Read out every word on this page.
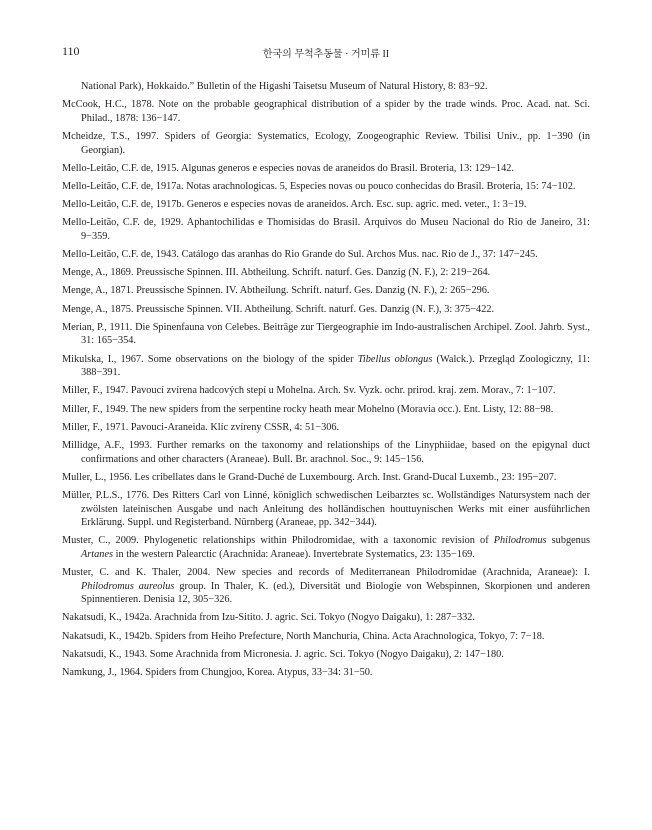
110	한국의 무척추동물 · 거미류 II

National Park), Hokkaido.” Bulletin of the Higashi Taisetsu Museum of Natural History, 8: 83−92.

McCook, H.C., 1878. Note on the probable geographical distribution of a spider by the trade winds. Proc. Acad. nat. Sci. Philad., 1878: 136−147.

Mcheidze, T.S., 1997. Spiders of Georgia: Systematics, Ecology, Zoogeographic Review. Tbilisi Univ., pp. 1−390 (in Georgian).

Mello-Leitão, C.F. de, 1915. Algunas generos e especies novas de araneidos do Brasil. Broteria, 13: 129−142.

Mello-Leitão, C.F. de, 1917a. Notas arachnologicas. 5, Especies novas ou pouco conhecidas do Brasil. Broteria, 15: 74−102.

Mello-Leitão, C.F. de, 1917b. Generos e especies novas de araneidos. Arch. Esc. sup. agric. med. veter., 1: 3−19.

Mello-Leitão, C.F. de, 1929. Aphantochilidas e Thomisidas do Brasil. Arquivos do Museu Nacional do Rio de Janeiro, 31: 9−359.

Mello-Leitão, C.F. de, 1943. Catálogo das aranhas do Rio Grande do Sul. Archos Mus. nac. Rio de J., 37: 147−245.

Menge, A., 1869. Preussische Spinnen. III. Abtheilung. Schrift. naturf. Ges. Danzig (N. F.), 2: 219−264.

Menge, A., 1871. Preussische Spinnen. IV. Abtheilung. Schrift. naturf. Ges. Danzig (N. F.), 2: 265−296.

Menge, A., 1875. Preussische Spinnen. VII. Abtheilung. Schrift. naturf. Ges. Danzig (N. F.), 3: 375−422.

Merian, P., 1911. Die Spinenfauna von Celebes. Beiträge zur Tiergeographie im Indo-australischen Archipel. Zool. Jahrb. Syst., 31: 165−354.

Mikulska, I., 1967. Some observations on the biology of the spider Tibellus oblongus (Walck.). Przegląd Zoologiczny, 11: 388−391.

Miller, F., 1947. Pavoucí zvírena hadcových stepí u Mohelna. Arch. Sv. Vyzk. ochr. prirod. kraj. zem. Morav., 7: 1−107.

Miller, F., 1949. The new spiders from the serpentine rocky heath mear Mohelno (Moravia occ.). Ent. Listy, 12: 88−98.

Miller, F., 1971. Pavouci-Araneida. Klíc zvíreny CSSR, 4: 51−306.

Millidge, A.F., 1993. Further remarks on the taxonomy and relationships of the Linyphiidae, based on the epigynal duct confirmations and other characters (Araneae). Bull. Br. arachnol. Soc., 9: 145−156.

Muller, L., 1956. Les cribellates dans le Grand-Duché de Luxembourg. Arch. Inst. Grand-Ducal Luxemb., 23: 195−207.

Müller, P.L.S., 1776. Des Ritters Carl von Linné, königlich schwedischen Leibarztes sc. Wollständiges Natursystem nach der zwölsten lateinischen Ausgabe und nach Anleitung des holländischen houttuynischen Werks mit einer ausführlichen Erklärung. Suppl. und Registerband. Nürnberg (Araneae, pp. 342−344).

Muster, C., 2009. Phylogenetic relationships within Philodromidae, with a taxonomic revision of Philodromus subgenus Artanes in the western Palearctic (Arachnida: Araneae). Invertebrate Systematics, 23: 135−169.

Muster, C. and K. Thaler, 2004. New species and records of Mediterranean Philodromidae (Arachnida, Araneae): I. Philodromus aureolus group. In Thaler, K. (ed.), Diversität und Biologie von Webspinnen, Skorpionen und anderen Spinnentieren. Denisia 12, 305−326.

Nakatsudi, K., 1942a. Arachnida from Izu-Sitito. J. agric. Sci. Tokyo (Nogyo Daigaku), 1: 287−332.

Nakatsudi, K., 1942b. Spiders from Heiho Prefecture, North Manchuria, China. Acta Arachnologica, Tokyo, 7: 7−18.

Nakatsudi, K., 1943. Some Arachnida from Micronesia. J. agric. Sci. Tokyo (Nogyo Daigaku), 2: 147−180.

Namkung, J., 1964. Spiders from Chungjoo, Korea. Atypus, 33−34: 31−50.
